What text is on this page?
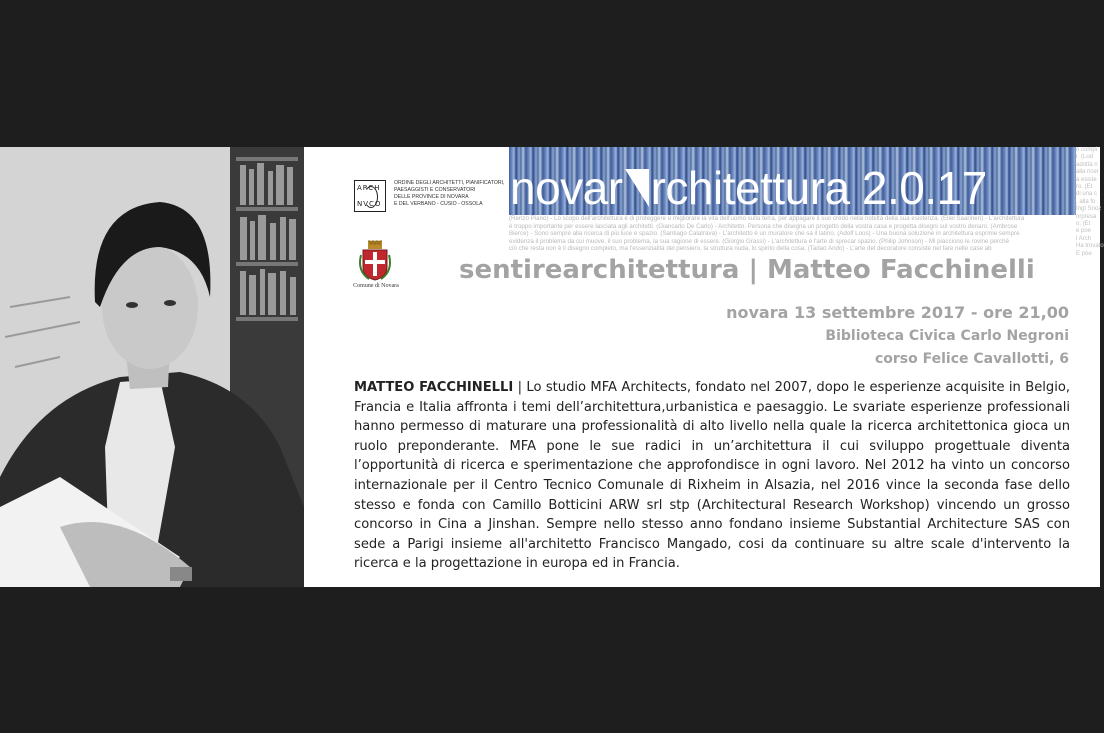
ARCH
NVCO
ORDINE DEGLI ARCHITETTI, PIANIFICATORI,
PAESAGGISTI E CONSERVATORI
DELLE PROVINCE DI NOVARA
E DEL VERBANO - CUSIO - OSSOLA
Comune di Novara
novar rchitettura 2.0.17
(Renzo Piano) - Lo scopo dell'architettura è di proteggere e migliorare la vita dell'uomo sulla terra, per appagare il suo credo nella nobiltà della sua esistenza. (Eliel Saarinen) - L'architettura
è troppo importante per essere lasciata agli architetti. (Giancarlo De Carlo) - Architetto. Persona che disegna un progetto della vostra casa e progetta disegni sul vostro denaro. (Ambrose
Bierce) - Sono sempre alla ricerca di più luce e spazio. (Santiago Calatrava) - L'architetto è un muratore che sa il latino. (Adolf Loos) - Una buona soluzione in architettura esprime sempre
evidenza il problema da cui muove, il suo problema, la sua ragione di essere. (Giorgio Grassi) - L'architettura è l'arte di sprecar spazio. (Philip Johnson) - Mi piacciono le rovine perché
ciò che resta non è il disegno completo, ma l'essenzialità del pensiero, la struttura nuda, lo spirito della cosa. (Tadao Ando) - L'arte del decoratore consiste nel fare nelle case ab
n compi
r. (Lud
adottà n
alla ricer
a esiste
ro. (Et
di una c
, alla fo
Ingt Snoz
orpresa
o. (Et
e poe
l Arch
Ha trovato
E poe
sentirearchitettura | Matteo Facchinelli
novara 13 settembre 2017 - ore 21,00
Biblioteca Civica Carlo Negroni
corso Felice Cavallotti, 6
MATTEO FACCHINELLI | Lo studio MFA Architects, fondato nel 2007, dopo le esperienze acquisite in Belgio, Francia e Italia affronta i temi dell’architettura,urbanistica e paesaggio. Le svariate esperienze professionali hanno permesso di maturare una professionalità di alto livello nella quale la ricerca architettonica gioca un ruolo preponderante. MFA pone le sue radici in un’architettura il cui sviluppo progettuale diventa l’opportunità di ricerca e sperimentazione che approfondisce in ogni lavoro. Nel 2012 ha vinto un concorso internazionale per il Centro Tecnico Comunale di Rixheim in Alsazia, nel 2016 vince la seconda fase dello stesso e fonda con Camillo Botticini ARW srl stp (Architectural Research Workshop) vincendo un grosso concorso in Cina a Jinshan. Sempre nello stesso anno fondano insieme Substantial Architecture SAS con sede a Parigi insieme all'architetto Francisco Mangado, cosi da continuare su altre scale d'intervento la ricerca e la progettazione in europa ed in Francia.
